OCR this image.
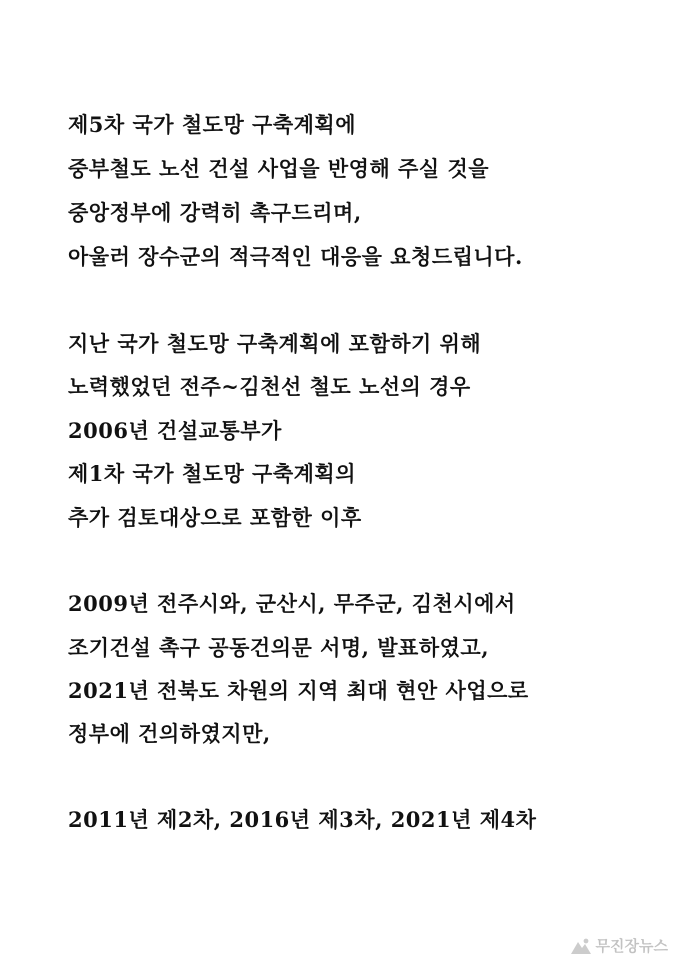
제5차 국가 철도망 구축계획에
중부철도 노선 건설 사업을 반영해 주실 것을
중앙정부에 강력히 촉구드리며,
아울러 장수군의 적극적인 대응을 요청드립니다.
지난 국가 철도망 구축계획에 포함하기 위해
노력했었던 전주~김천선 철도 노선의 경우
2006년 건설교통부가
제1차 국가 철도망 구축계획의
추가 검토대상으로 포함한 이후
2009년 전주시와, 군산시, 무주군, 김천시에서
조기건설 촉구 공동건의문 서명, 발표하였고,
2021년 전북도 차원의 지역 최대 현안 사업으로
정부에 건의하였지만,
2011년 제2차, 2016년 제3차, 2021년 제4차
무진장뉴스
